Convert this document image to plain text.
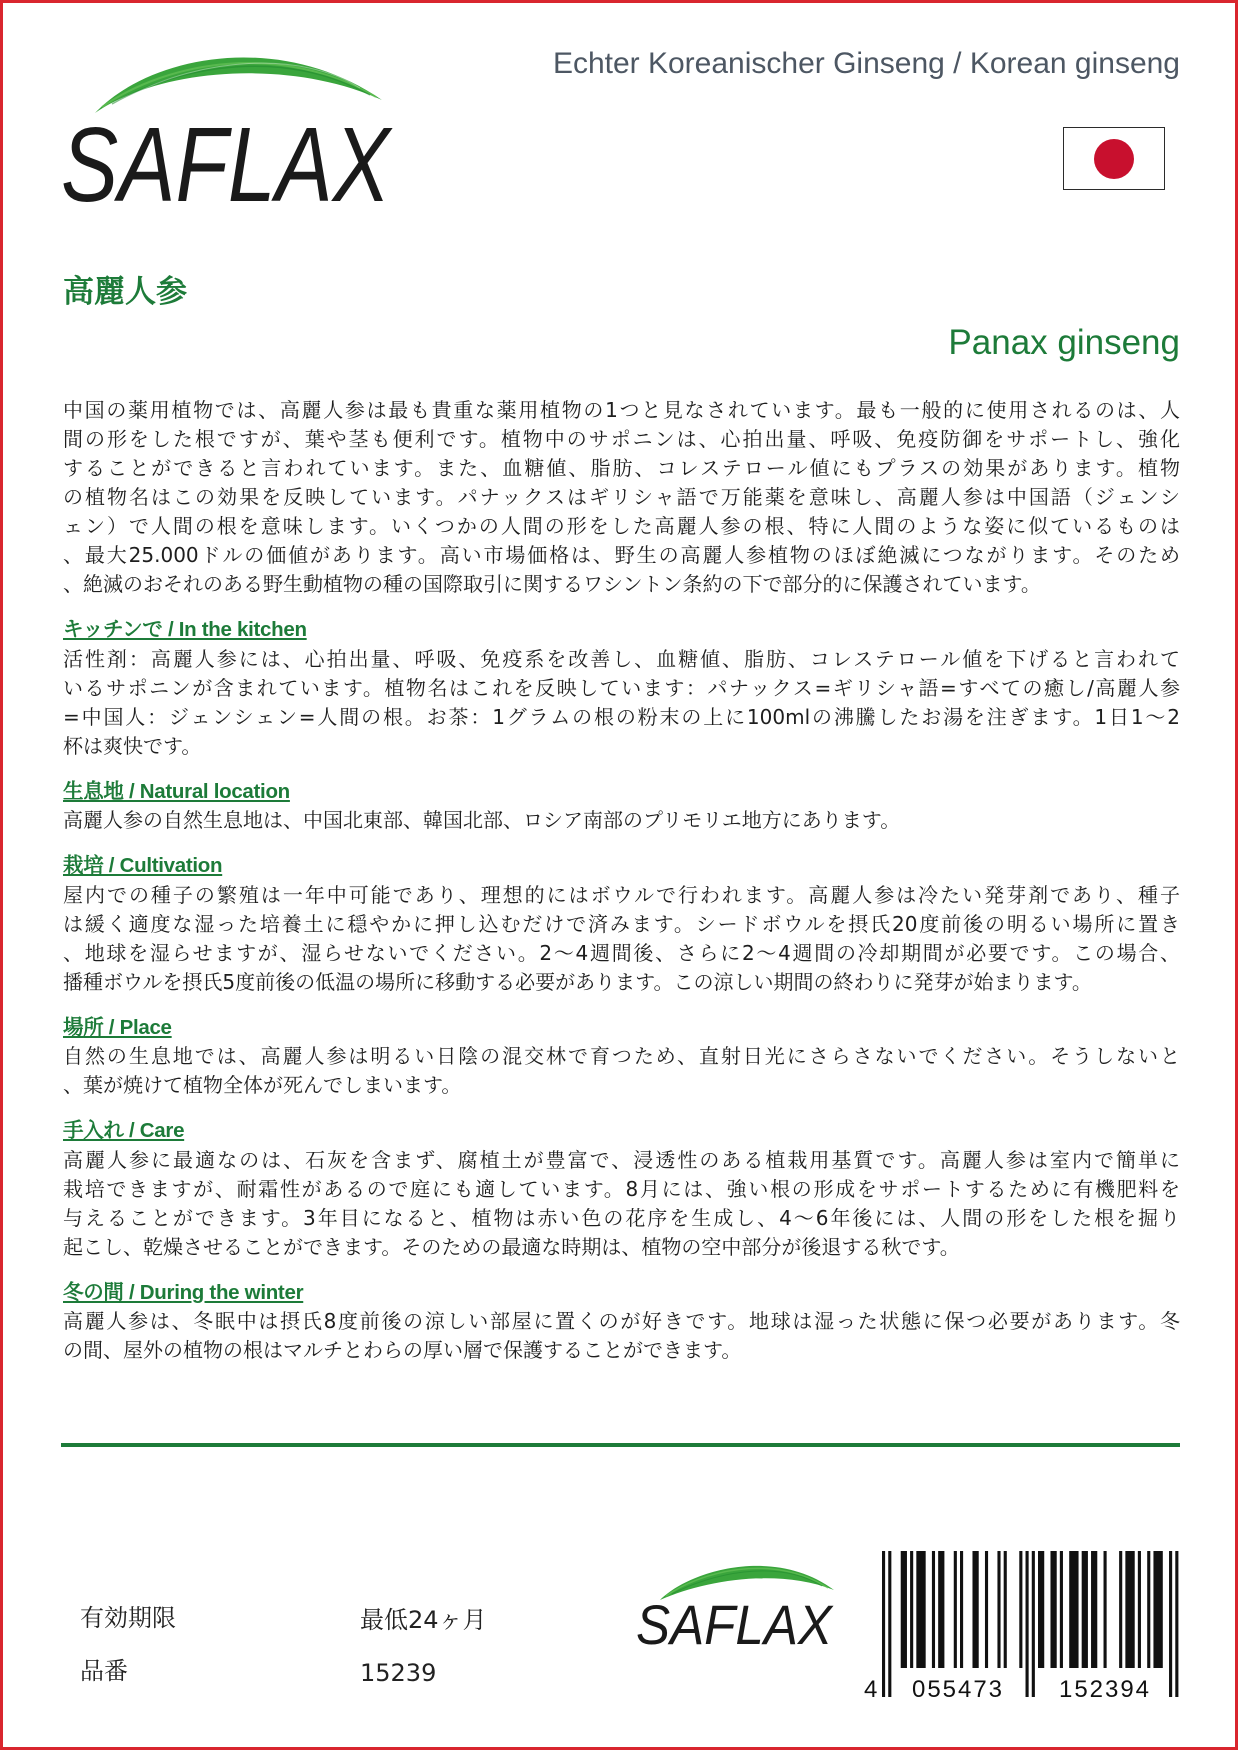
SAFLAX
Echter Koreanischer Ginseng / Korean ginseng
高麗人参
Panax ginseng
中国の薬用植物では、高麗人参は最も貴重な薬用植物の1つと見なされています。最も一般的に使用されるのは、人
間の形をした根ですが、葉や茎も便利です。植物中のサポニンは、心拍出量、呼吸、免疫防御をサポートし、強化
することができると言われています。また、血糖値、脂肪、コレステロール値にもプラスの効果があります。植物
の植物名はこの効果を反映しています。パナックスはギリシャ語で万能薬を意味し、高麗人参は中国語（ジェンシ
ェン）で人間の根を意味します。いくつかの人間の形をした高麗人参の根、特に人間のような姿に似ているものは
、最大25.000ドルの価値があります。高い市場価格は、野生の高麗人参植物のほぼ絶滅につながります。そのため
、絶滅のおそれのある野生動植物の種の国際取引に関するワシントン条約の下で部分的に保護されています。
キッチンで / In the kitchen
活性剤：高麗人参には、心拍出量、呼吸、免疫系を改善し、血糖値、脂肪、コレステロール値を下げると言われて
いるサポニンが含まれています。植物名はこれを反映しています：パナックス=ギリシャ語=すべての癒し/高麗人参
=中国人：ジェンシェン=人間の根。お茶：1グラムの根の粉末の上に100mlの沸騰したお湯を注ぎます。1日1〜2
杯は爽快です。
生息地 / Natural location
高麗人参の自然生息地は、中国北東部、韓国北部、ロシア南部のプリモリエ地方にあります。
栽培 / Cultivation
屋内での種子の繁殖は一年中可能であり、理想的にはボウルで行われます。高麗人参は冷たい発芽剤であり、種子
は緩く適度な湿った培養土に穏やかに押し込むだけで済みます。シードボウルを摂氏20度前後の明るい場所に置き
、地球を湿らせますが、湿らせないでください。2〜4週間後、さらに2〜4週間の冷却期間が必要です。この場合、
播種ボウルを摂氏5度前後の低温の場所に移動する必要があります。この涼しい期間の終わりに発芽が始まります。
場所 / Place
自然の生息地では、高麗人参は明るい日陰の混交林で育つため、直射日光にさらさないでください。そうしないと
、葉が焼けて植物全体が死んでしまいます。
手入れ / Care
高麗人参に最適なのは、石灰を含まず、腐植土が豊富で、浸透性のある植栽用基質です。高麗人参は室内で簡単に
栽培できますが、耐霜性があるので庭にも適しています。8月には、強い根の形成をサポートするために有機肥料を
与えることができます。3年目になると、植物は赤い色の花序を生成し、4〜6年後には、人間の形をした根を掘り
起こし、乾燥させることができます。そのための最適な時期は、植物の空中部分が後退する秋です。
冬の間 / During the winter
高麗人参は、冬眠中は摂氏8度前後の涼しい部屋に置くのが好きです。地球は湿った状態に保つ必要があります。冬
の間、屋外の植物の根はマルチとわらの厚い層で保護することができます。
有効期限	最低24ヶ月
品番	15239
SAFLAX
4 055473 152394
